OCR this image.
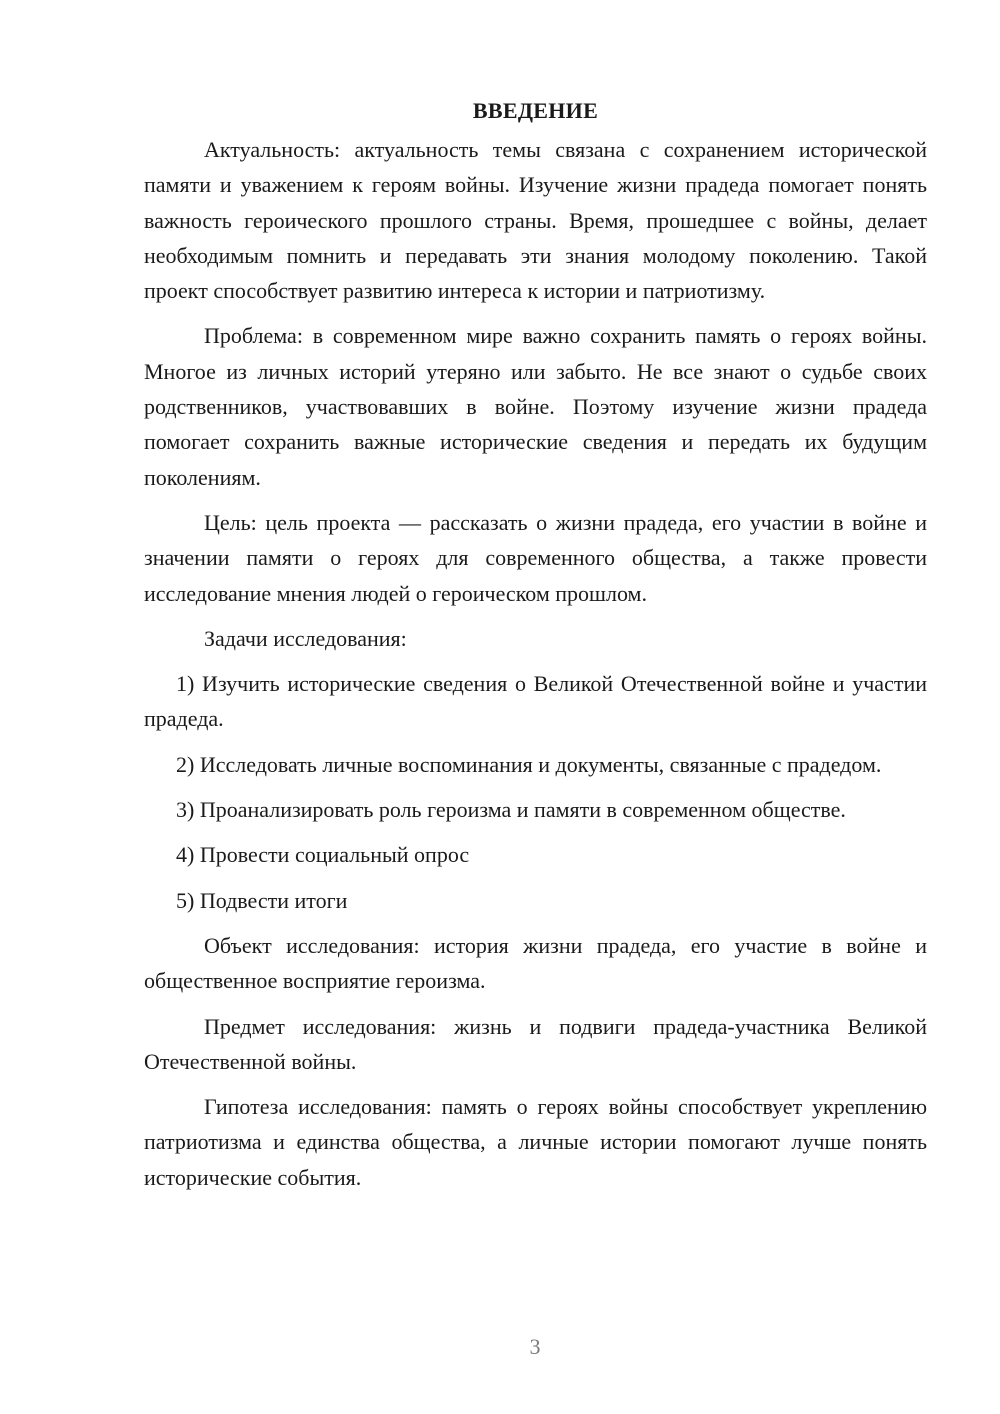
ВВЕДЕНИЕ

Актуальность: актуальность темы связана с сохранением исторической памяти и уважением к героям войны. Изучение жизни прадеда помогает понять важность героического прошлого страны. Время, прошедшее с войны, делает необходимым помнить и передавать эти знания молодому поколению. Такой проект способствует развитию интереса к истории и патриотизму.

Проблема: в современном мире важно сохранить память о героях войны. Многое из личных историй утеряно или забыто. Не все знают о судьбе своих родственников, участвовавших в войне. Поэтому изучение жизни прадеда помогает сохранить важные исторические сведения и передать их будущим поколениям.

Цель: цель проекта — рассказать о жизни прадеда, его участии в войне и значении памяти о героях для современного общества, а также провести исследование мнения людей о героическом прошлом.

Задачи исследования:

1) Изучить исторические сведения о Великой Отечественной войне и участии прадеда.

2) Исследовать личные воспоминания и документы, связанные с прадедом.

3) Проанализировать роль героизма и памяти в современном обществе.

4) Провести социальный опрос

5) Подвести итоги

Объект исследования: история жизни прадеда, его участие в войне и общественное восприятие героизма.

Предмет исследования: жизнь и подвиги прадеда-участника Великой Отечественной войны.

Гипотеза исследования: память о героях войны способствует укреплению патриотизма и единства общества, а личные истории помогают лучше понять исторические события.

3
